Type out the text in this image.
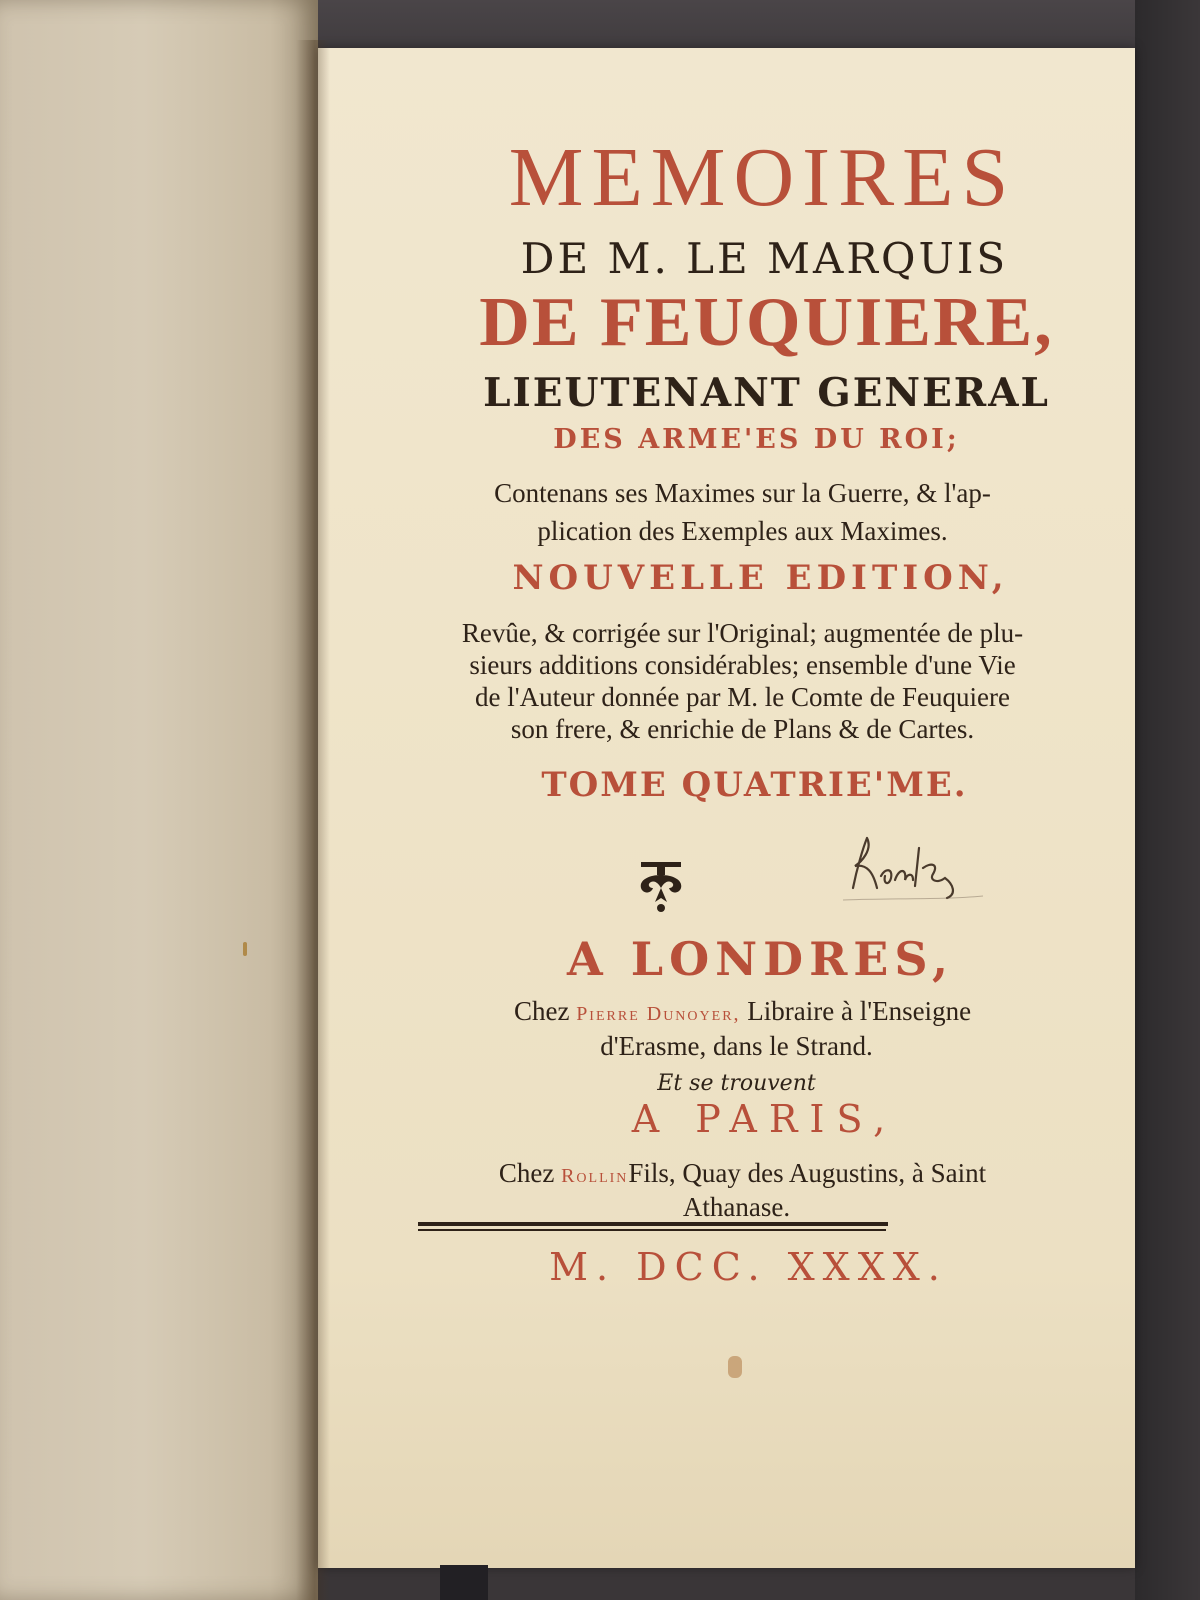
MEMOIRES
DE M. LE MARQUIS
DE FEUQUIERE,
LIEUTENANT GENERAL
DES ARME'ES DU ROI;
Contenans ses Maximes sur la Guerre, & l'ap-
plication des Exemples aux Maximes.
NOUVELLE EDITION,
Revûe, & corrigée sur l'Original; augmentée de plu-
sieurs additions considérables; ensemble d'une Vie
de l'Auteur donnée par M. le Comte de Feuquiere
son frere, & enrichie de Plans & de Cartes.
TOME QUATRIE'ME.
A LONDRES,
Chez Pierre Dunoyer, Libraire à l'Enseigne
d'Erasme, dans le Strand.
Et se trouvent
A PARIS,
Chez RollinFils, Quay des Augustins, à Saint
Athanase.
M. DCC. XXXX.
